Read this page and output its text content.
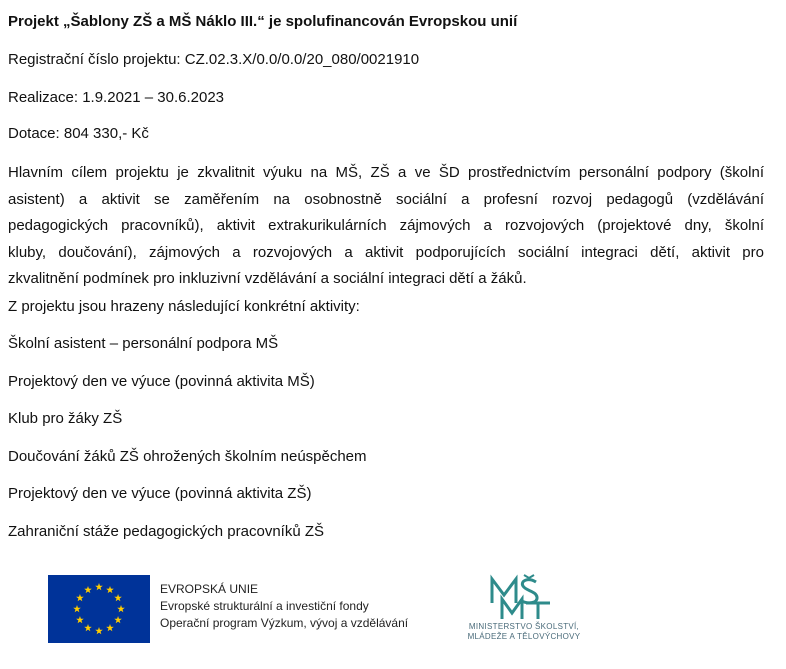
Projekt „Šablony ZŠ a MŠ Náklo III.“ je spolufinancován Evropskou unií
Registrační číslo projektu: CZ.02.3.X/0.0/0.0/20_080/0021910
Realizace: 1.9.2021 – 30.6.2023
Dotace: 804 330,- Kč
Hlavním cílem projektu je zkvalitnit výuku na MŠ, ZŠ a ve ŠD prostřednictvím personální podpory (školní
asistent) a aktivit se zaměřením na osobnostně sociální a profesní rozvoj pedagogů (vzdělávání
pedagogických pracovníků), aktivit extrakurikulárních zájmových a rozvojových (projektové dny, školní
kluby, doučování), zájmových a rozvojových a aktivit podporujících sociální integraci dětí, aktivit pro
zkvalitnění podmínek pro inkluzivní vzdělávání a sociální integraci dětí a žáků.
Z projektu jsou hrazeny následující konkrétní aktivity:
Školní asistent – personální podpora MŠ
Projektový den ve výuce (povinná aktivita MŠ)
Klub pro žáky ZŠ
Doučování žáků ZŠ ohrožených školním neúspěchem
Projektový den ve výuce (povinná aktivita ZŠ)
Zahraniční stáže pedagogických pracovníků ZŠ
EVROPSKÁ UNIE
Evropské strukturální a investiční fondy
Operační program Výzkum, vývoj a vzdělávání	MINISTERSTVO ŠKOLSTVÍ,
MLÁDEŽE A TĚLOVÝCHOVY
